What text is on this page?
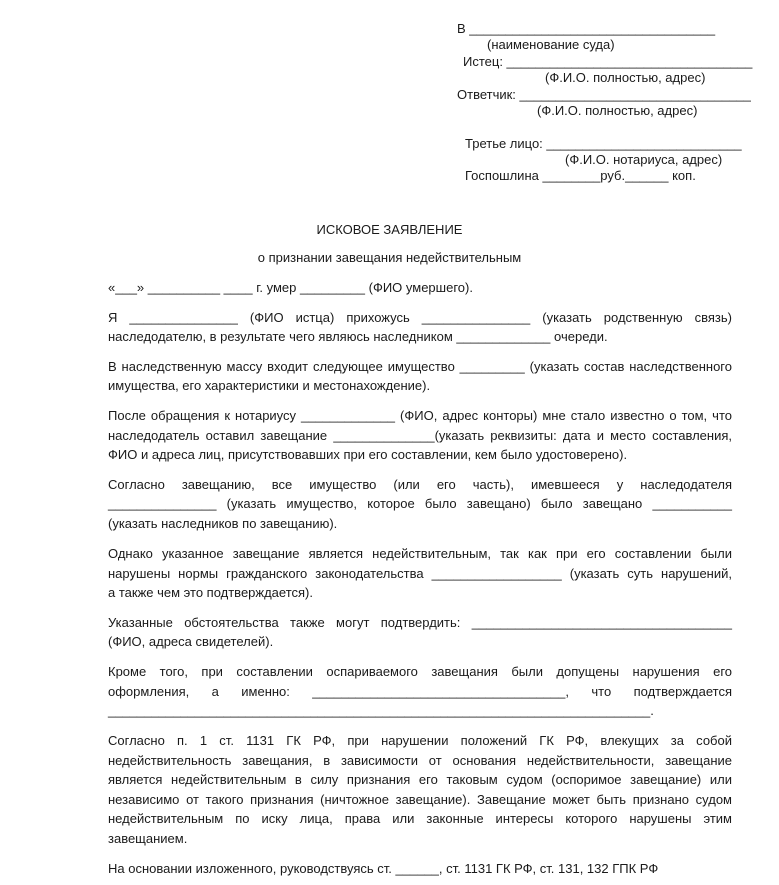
В __________________________________
(наименование суда)
Истец: __________________________________
(Ф.И.О. полностью, адрес)
Ответчик: ________________________________
(Ф.И.О. полностью, адрес)
Третье лицо: ___________________________
(Ф.И.О. нотариуса, адрес)
Госпошлина ________руб.______ коп.
ИСКОВОЕ ЗАЯВЛЕНИЕ
о признании завещания недействительным
«___» __________ ____ г. умер _________ (ФИО умершего).
Я _______________ (ФИО истца) прихожусь _______________ (указать родственную связь)
наследодателю, в результате чего являюсь наследником _____________ очереди.
В наследственную массу входит следующее имущество _________ (указать состав наследственного
имущества, его характеристики и местонахождение).
После обращения к нотариусу _____________ (ФИО, адрес конторы) мне стало известно о том, что
наследодатель оставил завещание ______________(указать реквизиты: дата и место составления,
ФИО и адреса лиц, присутствовавших при его составлении, кем было удостоверено).
Согласно завещанию, все имущество (или его часть), имевшееся у наследодателя
_______________ (указать имущество, которое было завещано) было завещано ___________
(указать наследников по завещанию).
Однако указанное завещание является недействительным, так как при его составлении были
нарушены нормы гражданского законодательства __________________ (указать суть нарушений,
а также чем это подтверждается).
Указанные обстоятельства также могут подтвердить: ____________________________________
(ФИО, адреса свидетелей).
Кроме того, при составлении оспариваемого завещания были допущены нарушения его
оформления, а именно: ___________________________________, что подтверждается
___________________________________________________________________________.
Согласно п. 1 ст. 1131 ГК РФ, при нарушении положений ГК РФ, влекущих за собой
недействительность завещания, в зависимости от основания недействительности, завещание
является недействительным в силу признания его таковым судом (оспоримое завещание) или
независимо от такого признания (ничтожное завещание). Завещание может быть признано судом
недействительным по иску лица, права или законные интересы которого нарушены этим
завещанием.
На основании изложенного, руководствуясь ст. ______, ст. 1131 ГК РФ, ст. 131, 132 ГПК РФ
